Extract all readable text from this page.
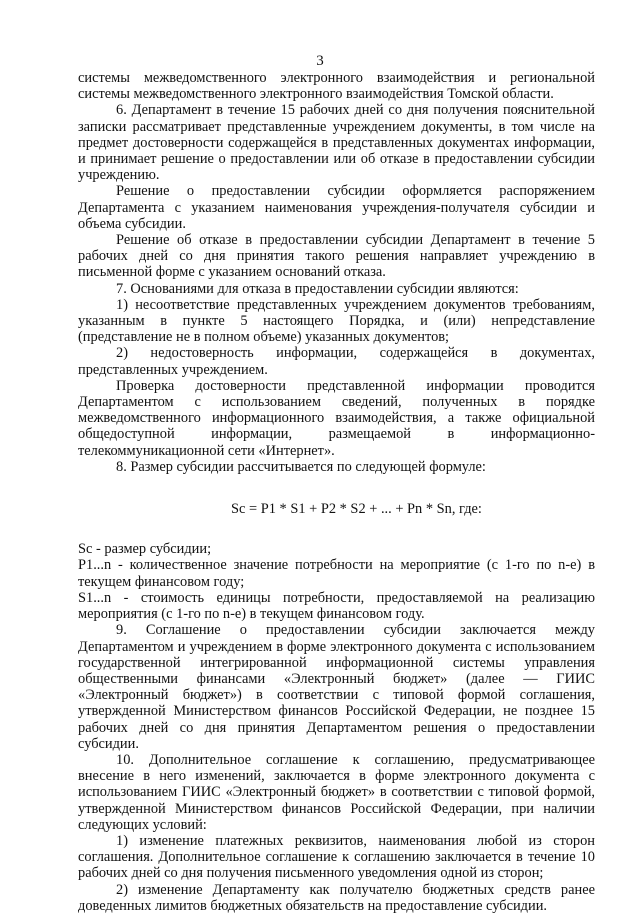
3

системы межведомственного электронного взаимодействия и региональной системы межведомственного электронного взаимодействия Томской области.

6. Департамент в течение 15 рабочих дней со дня получения пояснительной записки рассматривает представленные учреждением документы, в том числе на предмет достоверности содержащейся в представленных документах информации, и принимает решение о предоставлении или об отказе в предоставлении субсидии учреждению.

Решение о предоставлении субсидии оформляется распоряжением Департамента с указанием наименования учреждения-получателя субсидии и объема субсидии.

Решение об отказе в предоставлении субсидии Департамент в течение 5 рабочих дней со дня принятия такого решения направляет учреждению в письменной форме с указанием оснований отказа.

7. Основаниями для отказа в предоставлении субсидии являются:

1) несоответствие представленных учреждением документов требованиям, указанным в пункте 5 настоящего Порядка, и (или) непредставление (представление не в полном объеме) указанных документов;

2) недостоверность информации, содержащейся в документах, представленных учреждением.

Проверка достоверности представленной информации проводится Департаментом с использованием сведений, полученных в порядке межведомственного информационного взаимодействия, а также официальной общедоступной информации, размещаемой в информационно-телекоммуникационной сети «Интернет».

8. Размер субсидии рассчитывается по следующей формуле:

Sc = P1 * S1 + P2 * S2 + ... + Pn * Sn, где:

Sc - размер субсидии;

P1...n - количественное значение потребности на мероприятие (с 1-го по n-е) в текущем финансовом году;

S1...n - стоимость единицы потребности, предоставляемой на реализацию мероприятия (с 1-го по n-е) в текущем финансовом году.

9. Соглашение о предоставлении субсидии заключается между Департаментом и учреждением в форме электронного документа с использованием государственной интегрированной информационной системы управления общественными финансами «Электронный бюджет» (далее — ГИИС «Электронный бюджет») в соответствии с типовой формой соглашения, утвержденной Министерством финансов Российской Федерации, не позднее 15 рабочих дней со дня принятия Департаментом решения о предоставлении субсидии.

10. Дополнительное соглашение к соглашению, предусматривающее внесение в него изменений, заключается в форме электронного документа с использованием ГИИС «Электронный бюджет» в соответствии с типовой формой, утвержденной Министерством финансов Российской Федерации, при наличии следующих условий:

1) изменение платежных реквизитов, наименования любой из сторон соглашения. Дополнительное соглашение к соглашению заключается в течение 10 рабочих дней со дня получения письменного уведомления одной из сторон;

2) изменение Департаменту как получателю бюджетных средств ранее доведенных лимитов бюджетных обязательств на предоставление субсидии.
